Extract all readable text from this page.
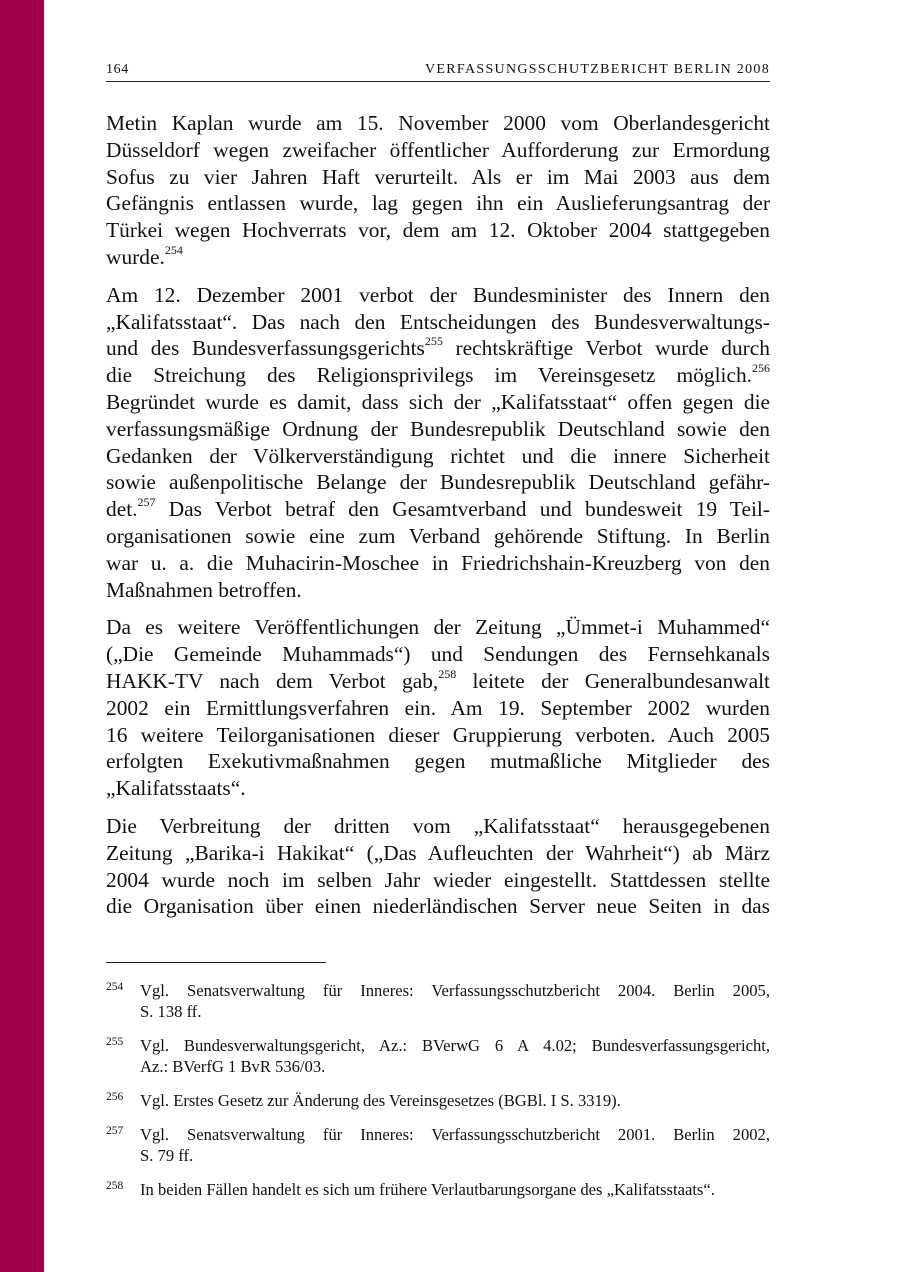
164	VERFASSUNGSSCHUTZBERICHT BERLIN 2008

Metin Kaplan wurde am 15. November 2000 vom Oberlandesgericht
Düsseldorf wegen zweifacher öffentlicher Aufforderung zur Ermordung
Sofus zu vier Jahren Haft verurteilt. Als er im Mai 2003 aus dem
Gefängnis entlassen wurde, lag gegen ihn ein Auslieferungsantrag der
Türkei wegen Hochverrats vor, dem am 12. Oktober 2004 stattgegeben
wurde.$^{254}$

Am 12. Dezember 2001 verbot der Bundesminister des Innern den
„Kalifatsstaat“. Das nach den Entscheidungen des Bundesverwaltungs-
und des Bundesverfassungsgerichts$^{255}$ rechtskräftige Verbot wurde durch
die Streichung des Religionsprivilegs im Vereinsgesetz möglich.$^{256}$
Begründet wurde es damit, dass sich der „Kalifatsstaat“ offen gegen die
verfassungsmäßige Ordnung der Bundesrepublik Deutschland sowie den
Gedanken der Völkerverständigung richtet und die innere Sicherheit
sowie außenpolitische Belange der Bundesrepublik Deutschland gefähr-
det.$^{257}$ Das Verbot betraf den Gesamtverband und bundesweit 19 Teil-
organisationen sowie eine zum Verband gehörende Stiftung. In Berlin
war u. a. die Muhacirin-Moschee in Friedrichshain-Kreuzberg von den
Maßnahmen betroffen.

Da es weitere Veröffentlichungen der Zeitung „Ümmet-i Muhammed“
(„Die Gemeinde Muhammads“) und Sendungen des Fernsehkanals
HAKK-TV nach dem Verbot gab,$^{258}$ leitete der Generalbundesanwalt
2002 ein Ermittlungsverfahren ein. Am 19. September 2002 wurden
16 weitere Teilorganisationen dieser Gruppierung verboten. Auch 2005
erfolgten Exekutivmaßnahmen gegen mutmaßliche Mitglieder des
„Kalifatsstaats“.

Die Verbreitung der dritten vom „Kalifatsstaat“ herausgegebenen
Zeitung „Barika-i Hakikat“ („Das Aufleuchten der Wahrheit“) ab März
2004 wurde noch im selben Jahr wieder eingestellt. Stattdessen stellte
die Organisation über einen niederländischen Server neue Seiten in das

254	Vgl. Senatsverwaltung für Inneres: Verfassungsschutzbericht 2004. Berlin 2005,
S. 138 ff.
255	Vgl. Bundesverwaltungsgericht, Az.: BVerwG 6 A 4.02; Bundesverfassungsgericht,
Az.: BVerfG 1 BvR 536/03.
256	Vgl. Erstes Gesetz zur Änderung des Vereinsgesetzes (BGBl. I S. 3319).
257	Vgl. Senatsverwaltung für Inneres: Verfassungsschutzbericht 2001. Berlin 2002,
S. 79 ff.
258	In beiden Fällen handelt es sich um frühere Verlautbarungsorgane des „Kalifatsstaats“.
